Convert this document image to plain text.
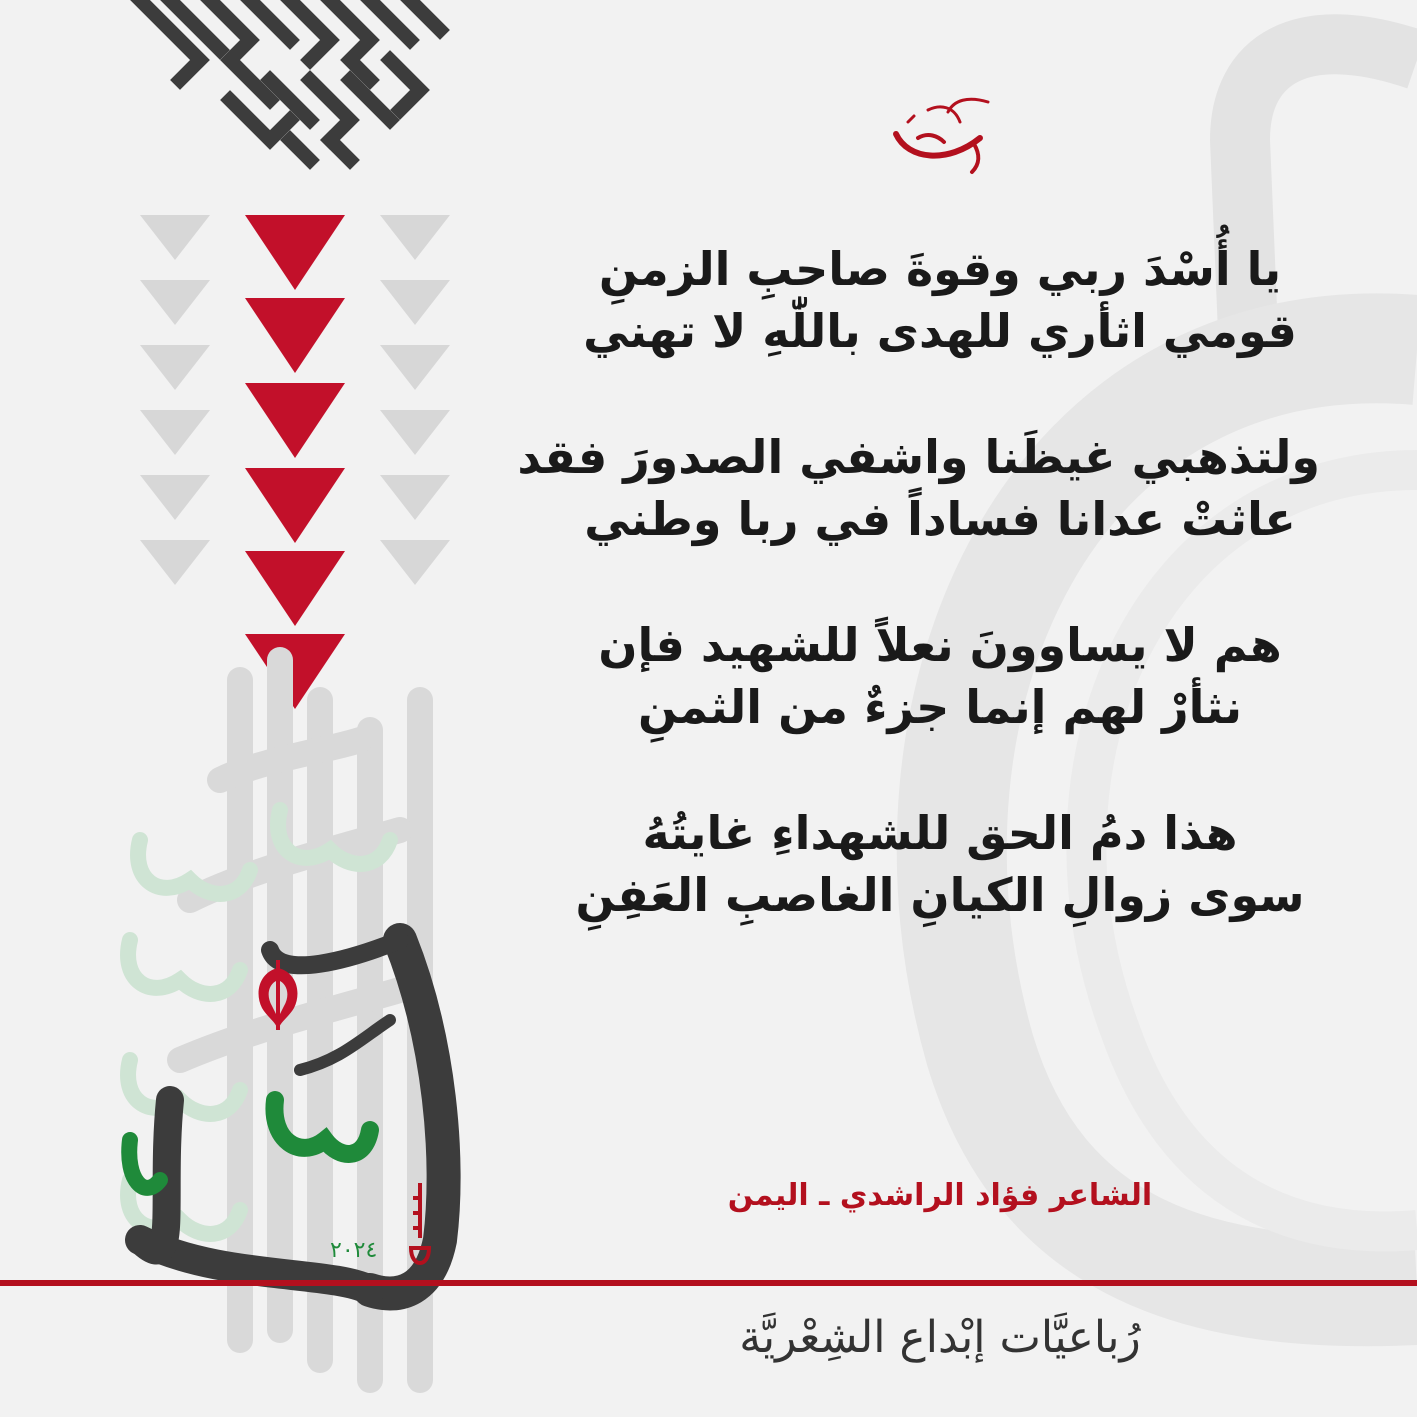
يا أُسْدَ ربي وقوةَ صاحبِ الزمنِ
قومي اثأري للهدى باللّٰهِ لا تهني
ولتذهبي غيظَنا واشفي الصدورَ فقد
عاثتْ عدانا فساداً في ربا وطني
هم لا يساوونَ نعلاً للشهيد فإن
نثأرْ لهم إنما جزءٌ من الثمنِ
هذا دمُ الحق للشهداءِ غايتُهُ
سوى زوالِ الكيانِ الغاصبِ العَفِنِ
الشاعر فؤاد الراشدي ـ اليمن
٢٠٢٤
رُباعيَّات إبْداع الشِعْريَّة
